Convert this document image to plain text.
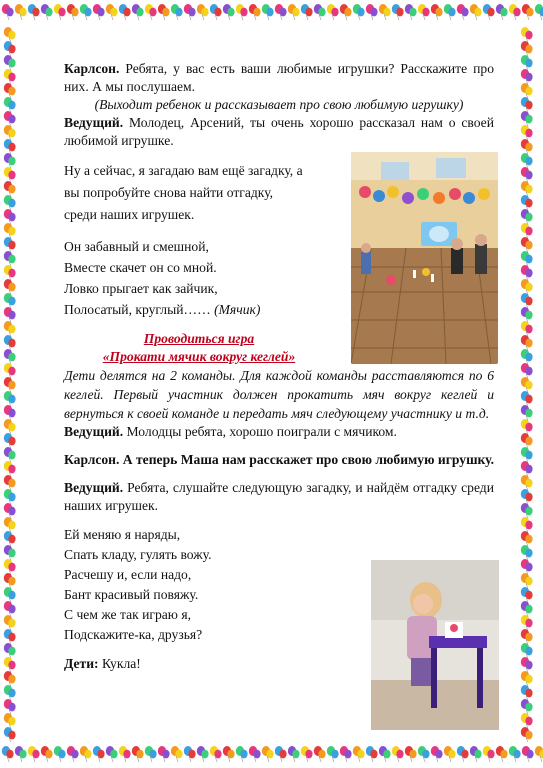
Карлсон. Ребята, у вас есть ваши любимые игрушки? Расскажите про них. А мы послушаем.

(Выходит ребенок и рассказывает про свою любимую игрушку)

Ведущий. Молодец, Арсений, ты очень хорошо рассказал нам о своей любимой игрушке.

Ну а сейчас, я загадаю вам ещё загадку, а

вы попробуйте снова найти отгадку,

среди наших игрушек.

Он забавный и смешной,

Вместе скачет он со мной.

Ловко прыгает как зайчик,

Полосатый, круглый…… (Мячик)

Проводиться игра

«Прокати мячик вокруг кеглей»

Дети делятся на 2 команды. Для каждой команды расставляются по 6 кеглей. Первый участник должен прокатить мяч вокруг кеглей и вернуться к своей команде и передать мяч следующему участнику и т.д.

Ведущий. Молодцы ребята, хорошо поиграли с мячиком.

Карлсон. А теперь Маша нам расскажет про свою любимую игрушку.

Ведущий. Ребята, слушайте следующую загадку, и найдём отгадку среди наших игрушек.

Ей меняю я наряды,

Спать кладу, гулять вожу.

Расчешу и, если надо,

Бант красивый повяжу.

С чем же так играю я,

Подскажите-ка, друзья?

Дети: Кукла!
